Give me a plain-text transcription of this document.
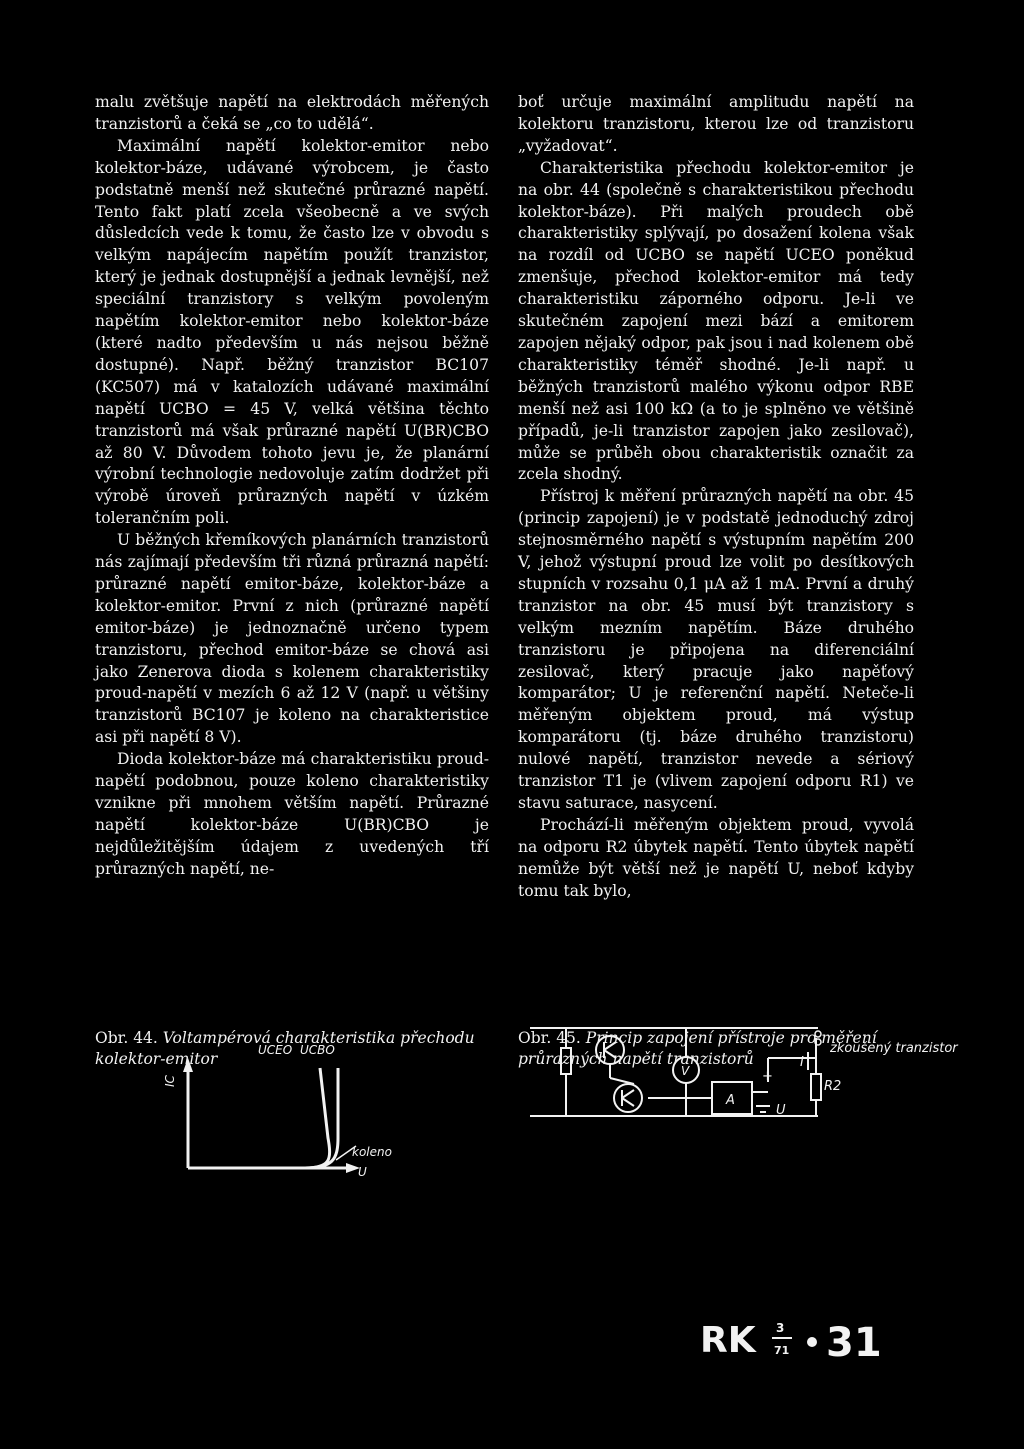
malu zvětšuje napětí na elektrodách měřených tranzistorů a čeká se „co to udělá“.

Maximální napětí kolektor-emitor nebo kolektor-báze, udávané výrobcem, je často podstatně menší než skutečné průrazné napětí. Tento fakt platí zcela všeobecně a ve svých důsledcích vede k tomu, že často lze v obvodu s velkým napájecím napětím použít tranzistor, který je jednak dostupnější a jednak levnější, než speciální tranzistory s velkým povoleným napětím kolektor-emitor nebo kolektor-báze (které nadto především u nás nejsou běžně dostupné). Např. běžný tranzistor BC107 (KC507) má v katalozích udávané maximální napětí UCBO = 45 V, velká většina těchto tranzistorů má však průrazné napětí U(BR)CBO až 80 V. Důvodem tohoto jevu je, že planární výrobní technologie nedovoluje zatím dodržet při výrobě úroveň průrazných napětí v úzkém tolerančním poli.

U běžných křemíkových planárních tranzistorů nás zajímají především tři různá průrazná napětí: průrazné napětí emitor-báze, kolektor-báze a kolektor-emitor. První z nich (průrazné napětí emitor-báze) je jednoznačně určeno typem tranzistoru, přechod emitor-báze se chová asi jako Zenerova dioda s kolenem charakteristiky proud-napětí v mezích 6 až 12 V (např. u většiny tranzistorů BC107 je koleno na charakteristice asi při napětí 8 V).

Dioda kolektor-báze má charakteristiku proud-napětí podobnou, pouze koleno charakteristiky vznikne při mnohem větším napětí. Průrazné napětí kolektor-báze U(BR)CBO je nejdůležitějším údajem z uvedených tří průrazných napětí, ne-

boť určuje maximální amplitudu napětí na kolektoru tranzistoru, kterou lze od tranzistoru „vyžadovat“.

Charakteristika přechodu kolektor-emitor je na obr. 44 (společně s charakteristikou přechodu kolektor-báze). Při malých proudech obě charakteristiky splývají, po dosažení kolena však na rozdíl od UCBO se napětí UCEO poněkud zmenšuje, přechod kolektor-emitor má tedy charakteristiku záporného odporu. Je-li ve skutečném zapojení mezi bází a emitorem zapojen nějaký odpor, pak jsou i nad kolenem obě charakteristiky téměř shodné. Je-li např. u běžných tranzistorů malého výkonu odpor RBE menší než asi 100 kΩ (a to je splněno ve většině případů, je-li tranzistor zapojen jako zesilovač), může se průběh obou charakteristik označit za zcela shodný.

Přístroj k měření průrazných napětí na obr. 45 (princip zapojení) je v podstatě jednoduchý zdroj stejnosměrného napětí s výstupním napětím 200 V, jehož výstupní proud lze volit po desítkových stupních v rozsahu 0,1 μA až 1 mA. První a druhý tranzistor na obr. 45 musí být tranzistory s velkým mezním napětím. Báze druhého tranzistoru je připojena na diferenciální zesilovač, který pracuje jako napěťový komparátor; U je referenční napětí. Neteče-li měřeným objektem proud, má výstup komparátoru (tj. báze druhého tranzistoru) nulové napětí, tranzistor nevede a sériový tranzistor T1 je (vlivem zapojení odporu R1) ve stavu saturace, nasycení.

Prochází-li měřeným objektem proud, vyvolá na odporu R2 úbytek napětí. Tento úbytek napětí nemůže být větší než je napětí U, neboť kdyby tomu tak bylo,

UCEO UCBO
IC
koleno
U
zkoušený tranzistor
V
A
I
U
R2
+
Obr. 44. Voltampérová charakteristika přechodu kolektor-emitor
Obr. 45. Princip zapojení přístroje pro měření průrazných napětí tranzistorů
RK 3
71 31
